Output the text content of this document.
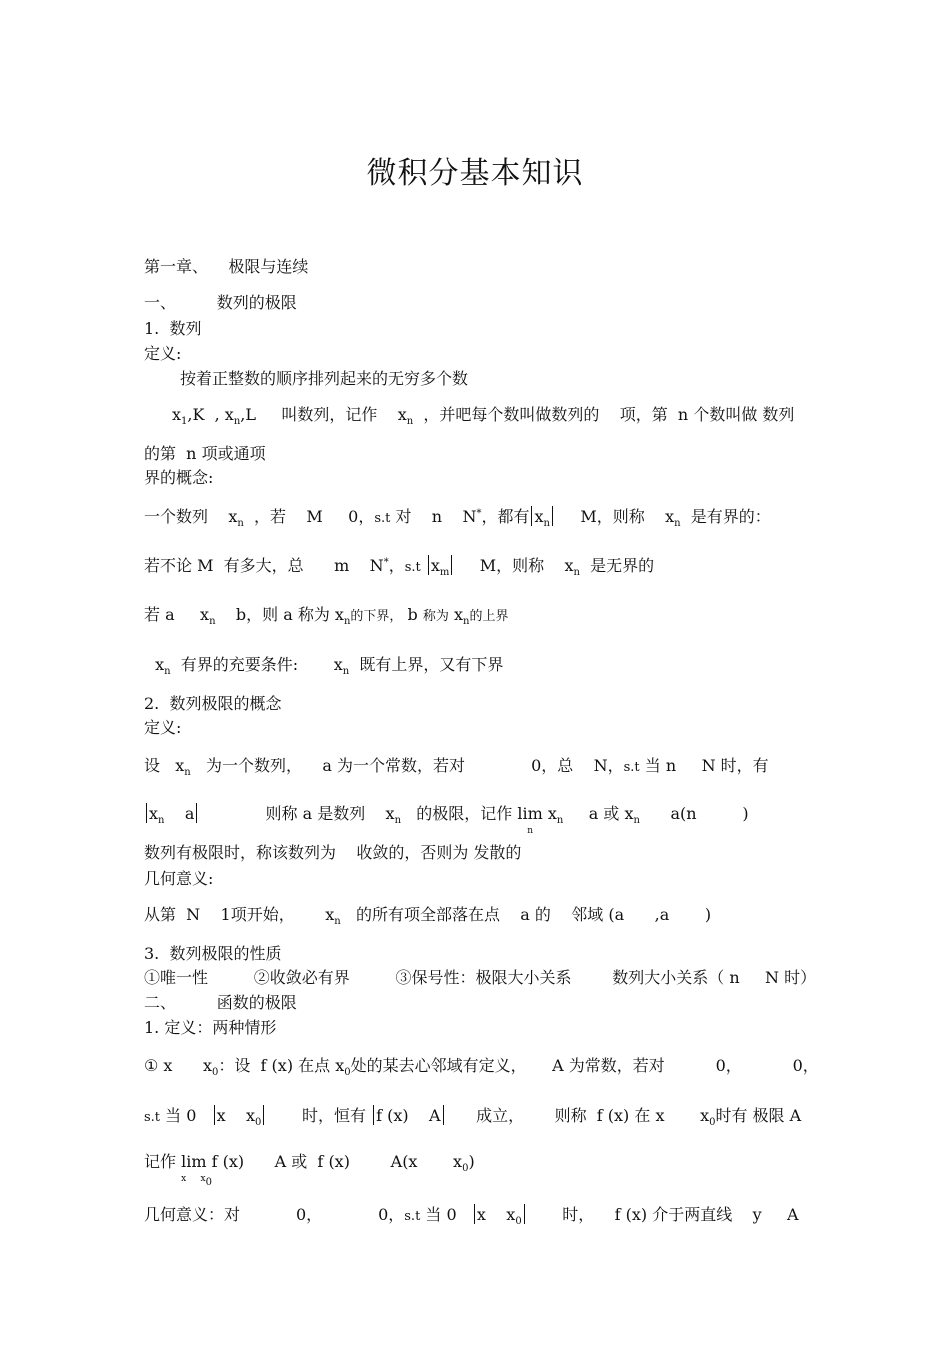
微积分基本知识
第一章、    极限与连续
一、        数列的极限
1.  数列
定义:
按着正整数的顺序排列起来的无穷多个数
$x_1,K$  , $x_n,L$     叫数列，记作    $x_n$  ，并吧每个数叫做数列的    项，第  n 个数叫做 数列
的第  n 项或通项
界的概念:
一个数列    $x_n$  ，若    M     0，s.t 对    n    N*，都有 $x_n$     M，则称    $x_n$  是有界的：
若不论 M  有多大，总      m    N*，s.t $x_m$     M，则称    $x_n$  是无界的
若 a     $x_n$    b，则 a 称为 $x_n$的下界， b 称为 $x_n$的上界
$x_n$  有界的充要条件:       $x_n$  既有上界，又有下界
2.  数列极限的概念
定义:
设   $x_n$   为一个数列，    a 为一个常数，若对             0，总    N，s.t 当 n     N 时，有
$x_n$    a             则称 a 是数列    $x_n$   的极限，记作 lim
n
$x_n$     a 或 $x_n$      a(n         )
数列有极限时，称该数列为    收敛的，否则为 发散的
几何意义:
从第  N    1项开始，      $x_n$   的所有项全部落在点    a 的    邻域 (a      ,a       )
3.  数列极限的性质
①唯一性         ②收敛必有界         ③保号性：极限大小关系        数列大小关系（ n     N 时）
二、        函数的极限
1. 定义：两种情形
① x      $x_0$：设  f (x) 在点 $x_0$处的某去心邻域有定义，     A 为常数，若对          0，          0，
s.t 当 0   x    $x_0$       时，恒有 f (x)    A      成立，      则称  f (x) 在 x       $x_0$时有 极限 A
记作 lim
x     $x_0$
f (x)      A 或  f (x)        A(x       $x_0$)
几何意义：对           0，           0，s.t 当 0   x    $x_0$       时，    f (x) 介于两直线    y     A
